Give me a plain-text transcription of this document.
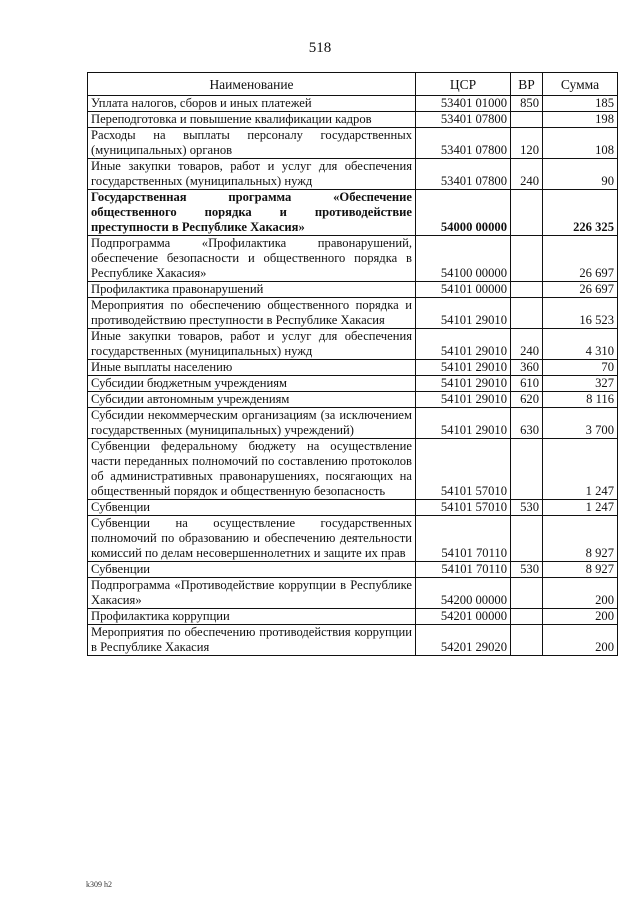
518
Наименование	ЦСР	ВР	Сумма
Уплата налогов, сборов и иных платежей	53401 01000	850	185
Переподготовка и повышение квалификации кадров	53401 07800		198
Расходы на выплаты персоналу государственных (муниципальных) органов	53401 07800	120	108
Иные закупки товаров, работ и услуг для обеспечения государственных (муниципальных) нужд	53401 07800	240	90
Государственная программа «Обеспечение общественного порядка и противодействие преступности в Республике Хакасия»	54000 00000		226 325
Подпрограмма «Профилактика правонарушений, обеспечение безопасности и общественного порядка в Республике Хакасия»	54100 00000		26 697
Профилактика правонарушений	54101 00000		26 697
Мероприятия по обеспечению общественного порядка и противодействию преступности в Республике Хакасия	54101 29010		16 523
Иные закупки товаров, работ и услуг для обеспечения государственных (муниципальных) нужд	54101 29010	240	4 310
Иные выплаты населению	54101 29010	360	70
Субсидии бюджетным учреждениям	54101 29010	610	327
Субсидии автономным учреждениям	54101 29010	620	8 116
Субсидии некоммерческим организациям (за исключением государственных (муниципальных) учреждений)	54101 29010	630	3 700
Субвенции федеральному бюджету на осуществление части переданных полномочий по составлению протоколов об административных правонарушениях, посягающих на общественный порядок и общественную безопасность	54101 57010		1 247
Субвенции	54101 57010	530	1 247
Субвенции на осуществление государственных полномочий по образованию и обеспечению деятельности комиссий по делам несовершеннолетних и защите их прав	54101 70110		8 927
Субвенции	54101 70110	530	8 927
Подпрограмма «Противодействие коррупции в Республике Хакасия»	54200 00000		200
Профилактика коррупции	54201 00000		200
Мероприятия по обеспечению противодействия коррупции в Республике Хакасия	54201 29020		200
k309 h2
